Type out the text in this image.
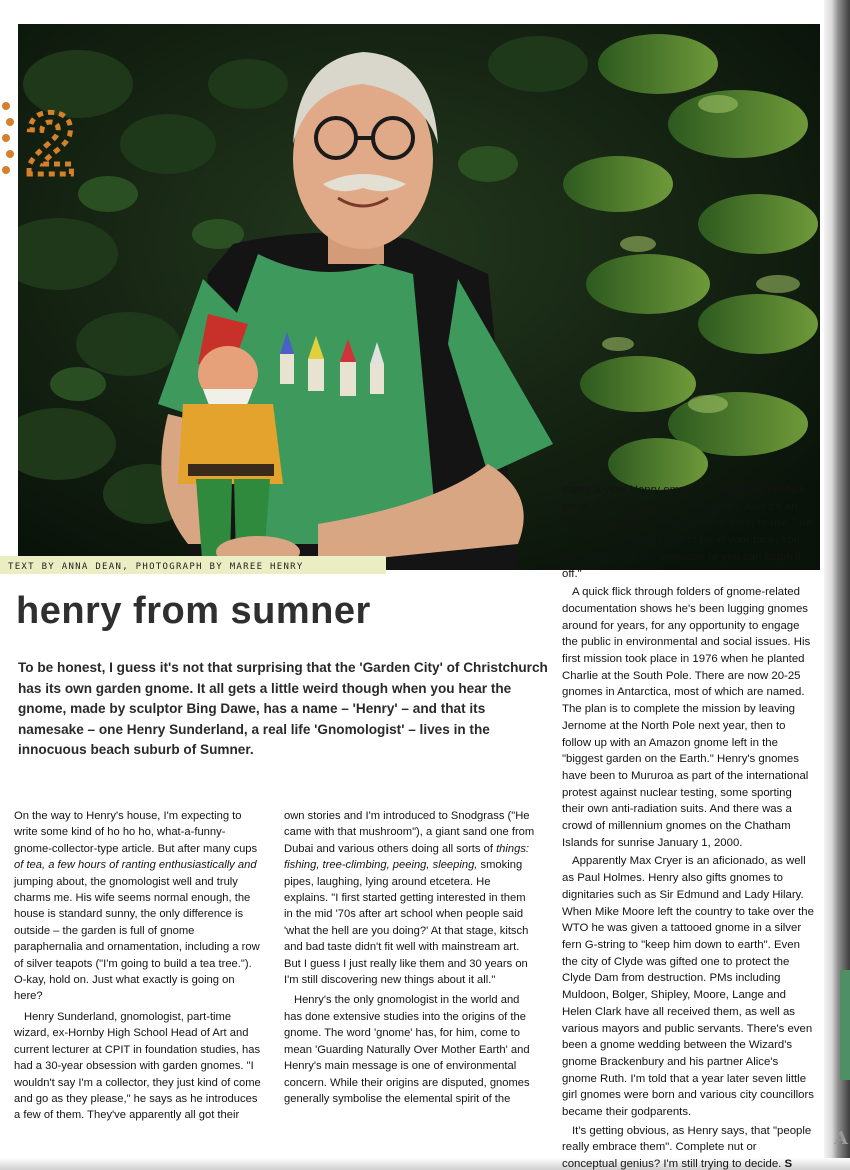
A
2
TEXT BY ANNA DEAN, PHOTOGRAPH BY MAREE HENRY
henry from sumner

To be honest, I guess it's not that surprising that the 'Garden City' of Christchurch has its own garden gnome. It all gets a little weird though when you hear the gnome, made by sculptor Bing Dawe, has a name – 'Henry' – and that its namesake – one Henry Sunderland, a real life 'Gnomologist' – lives in the innocuous beach suburb of Sumner.

On the way to Henry's house, I'm expecting to write some kind of ho ho ho, what-a-funny-gnome-collector-type article. But after many cups of tea, a few hours of ranting enthusiastically and jumping about, the gnomologist well and truly charms me. His wife seems normal enough, the house is standard sunny, the only difference is outside – the garden is full of gnome paraphernalia and ornamentation, including a row of silver teapots ("I'm going to build a tea tree."). O-kay, hold on. Just what exactly is going on here?

Henry Sunderland, gnomologist, part-time wizard, ex-Hornby High School Head of Art and current lecturer at CPIT in foundation studies, has had a 30-year obsession with garden gnomes. "I wouldn't say I'm a collector, they just kind of come and go as they please," he says as he introduces a few of them. They've apparently all got their

own stories and I'm introduced to Snodgrass ("He came with that mushroom"), a giant sand one from Dubai and various others doing all sorts of things: fishing, tree-climbing, peeing, sleeping, smoking pipes, laughing, lying around etcetera. He explains. "I first started getting interested in them in the mid '70s after art school when people said 'what the hell are you doing?' At that stage, kitsch and bad taste didn't fit well with mainstream art. But I guess I just really like them and 30 years on I'm still discovering new things about it all."

Henry's the only gnomologist in the world and has done extensive studies into the origins of the gnome. The word 'gnome' has, for him, come to mean 'Guarding Naturally Over Mother Earth' and Henry's main message is one of environmental concern. While their origins are disputed, gnomes generally symbolise the elemental spirit of the

earth, a view Henry employs to highlight the fact we're slowing destroying the planet. And it's an ingenious symbol. "They're a fun thing to use," he says, "as it doesn't have to be in your face. You can either take the message or you can laugh it off."

A quick flick through folders of gnome-related documentation shows he's been lugging gnomes around for years, for any opportunity to engage the public in environmental and social issues. His first mission took place in 1976 when he planted Charlie at the South Pole. There are now 20-25 gnomes in Antarctica, most of which are named. The plan is to complete the mission by leaving Jernome at the North Pole next year, then to follow up with an Amazon gnome left in the "biggest garden on the Earth." Henry's gnomes have been to Mururoa as part of the international protest against nuclear testing, some sporting their own anti-radiation suits. And there was a crowd of millennium gnomes on the Chatham Islands for sunrise January 1, 2000.

Apparently Max Cryer is an aficionado, as well as Paul Holmes. Henry also gifts gnomes to dignitaries such as Sir Edmund and Lady Hilary. When Mike Moore left the country to take over the WTO he was given a tattooed gnome in a silver fern G-string to "keep him down to earth". Even the city of Clyde was gifted one to protect the Clyde Dam from destruction. PMs including Muldoon, Bolger, Shipley, Moore, Lange and Helen Clark have all received them, as well as various mayors and public servants. There's even been a gnome wedding between the Wizard's gnome Brackenbury and his partner Alice's gnome Ruth. I'm told that a year later seven little girl gnomes were born and various city councillors became their godparents.

It's getting obvious, as Henry says, that "people really embrace them". Complete nut or conceptual genius? I'm still trying to decide. S
